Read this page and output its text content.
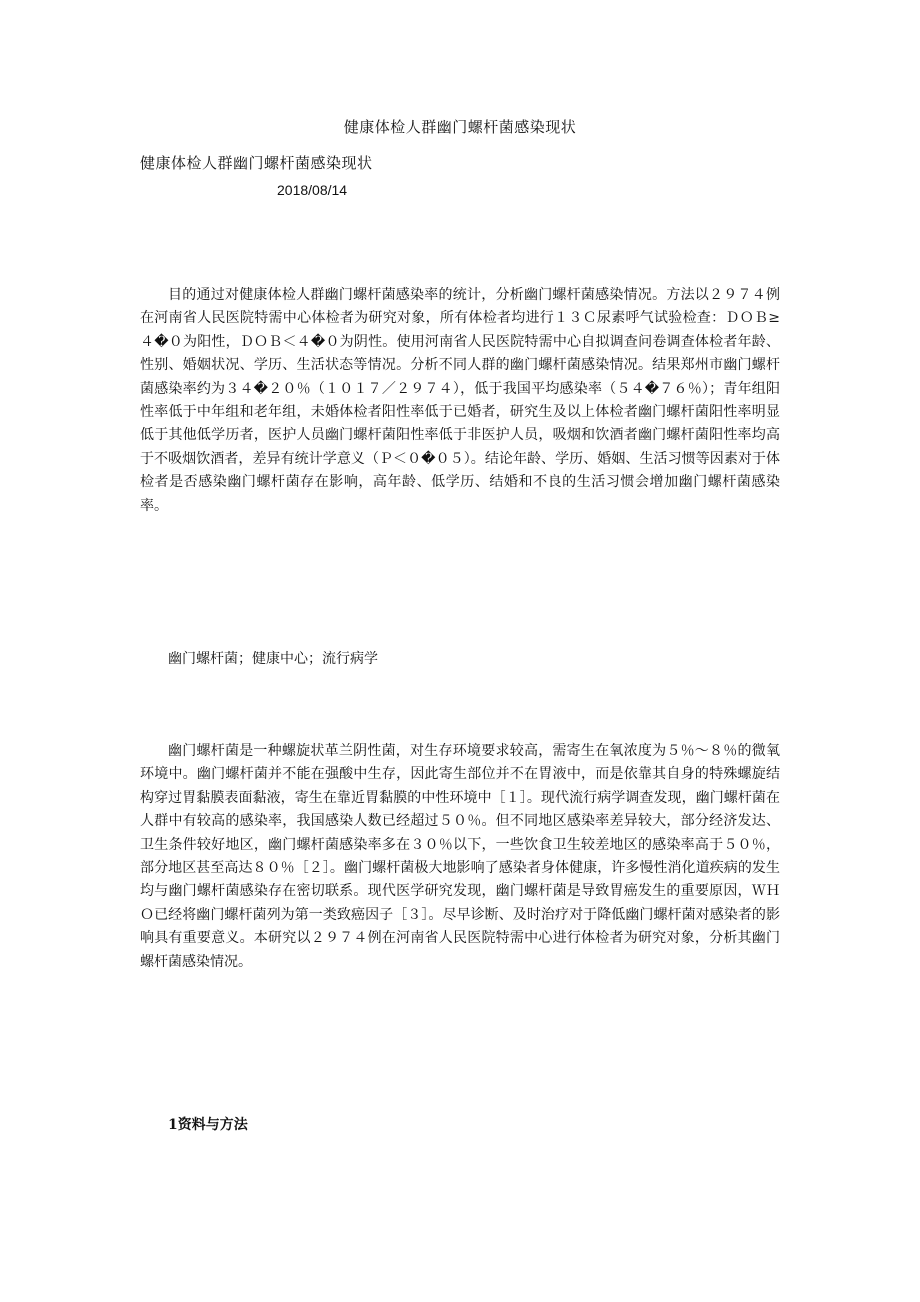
健康体检人群幽门螺杆菌感染现状
健康体检人群幽门螺杆菌感染现状
2018/08/14

目的通过对健康体检人群幽门螺杆菌感染率的统计，分析幽门螺杆菌感染情况。方法以２９７４例在河南省人民医院特需中心体检者为研究对象，所有体检者均进行１３Ｃ尿素呼气试验检查：ＤＯＢ≥４�０为阳性，ＤＯＢ＜４�０为阴性。使用河南省人民医院特需中心自拟调查问卷调查体检者年龄、性别、婚姻状况、学历、生活状态等情况。分析不同人群的幽门螺杆菌感染情况。结果郑州市幽门螺杆菌感染率约为３４�２０％（１０１７／２９７４），低于我国平均感染率（５４�７６％）；青年组阳性率低于中年组和老年组，未婚体检者阳性率低于已婚者，研究生及以上体检者幽门螺杆菌阳性率明显低于其他低学历者，医护人员幽门螺杆菌阳性率低于非医护人员，吸烟和饮酒者幽门螺杆菌阳性率均高于不吸烟饮酒者，差异有统计学意义（Ｐ＜０�０５）。结论年龄、学历、婚姻、生活习惯等因素对于体检者是否感染幽门螺杆菌存在影响，高年龄、低学历、结婚和不良的生活习惯会增加幽门螺杆菌感染率。

幽门螺杆菌；健康中心；流行病学

幽门螺杆菌是一种螺旋状革兰阴性菌，对生存环境要求较高，需寄生在氧浓度为５％～８％的微氧环境中。幽门螺杆菌并不能在强酸中生存，因此寄生部位并不在胃液中，而是依靠其自身的特殊螺旋结构穿过胃黏膜表面黏液，寄生在靠近胃黏膜的中性环境中［１］。现代流行病学调查发现，幽门螺杆菌在人群中有较高的感染率，我国感染人数已经超过５０％。但不同地区感染率差异较大，部分经济发达、卫生条件较好地区，幽门螺杆菌感染率多在３０％以下，一些饮食卫生较差地区的感染率高于５０％，部分地区甚至高达８０％［２］。幽门螺杆菌极大地影响了感染者身体健康，许多慢性消化道疾病的发生均与幽门螺杆菌感染存在密切联系。现代医学研究发现，幽门螺杆菌是导致胃癌发生的重要原因，ＷＨＯ已经将幽门螺杆菌列为第一类致癌因子［３］。尽早诊断、及时治疗对于降低幽门螺杆菌对感染者的影响具有重要意义。本研究以２９７４例在河南省人民医院特需中心进行体检者为研究对象，分析其幽门螺杆菌感染情况。

1资料与方法
